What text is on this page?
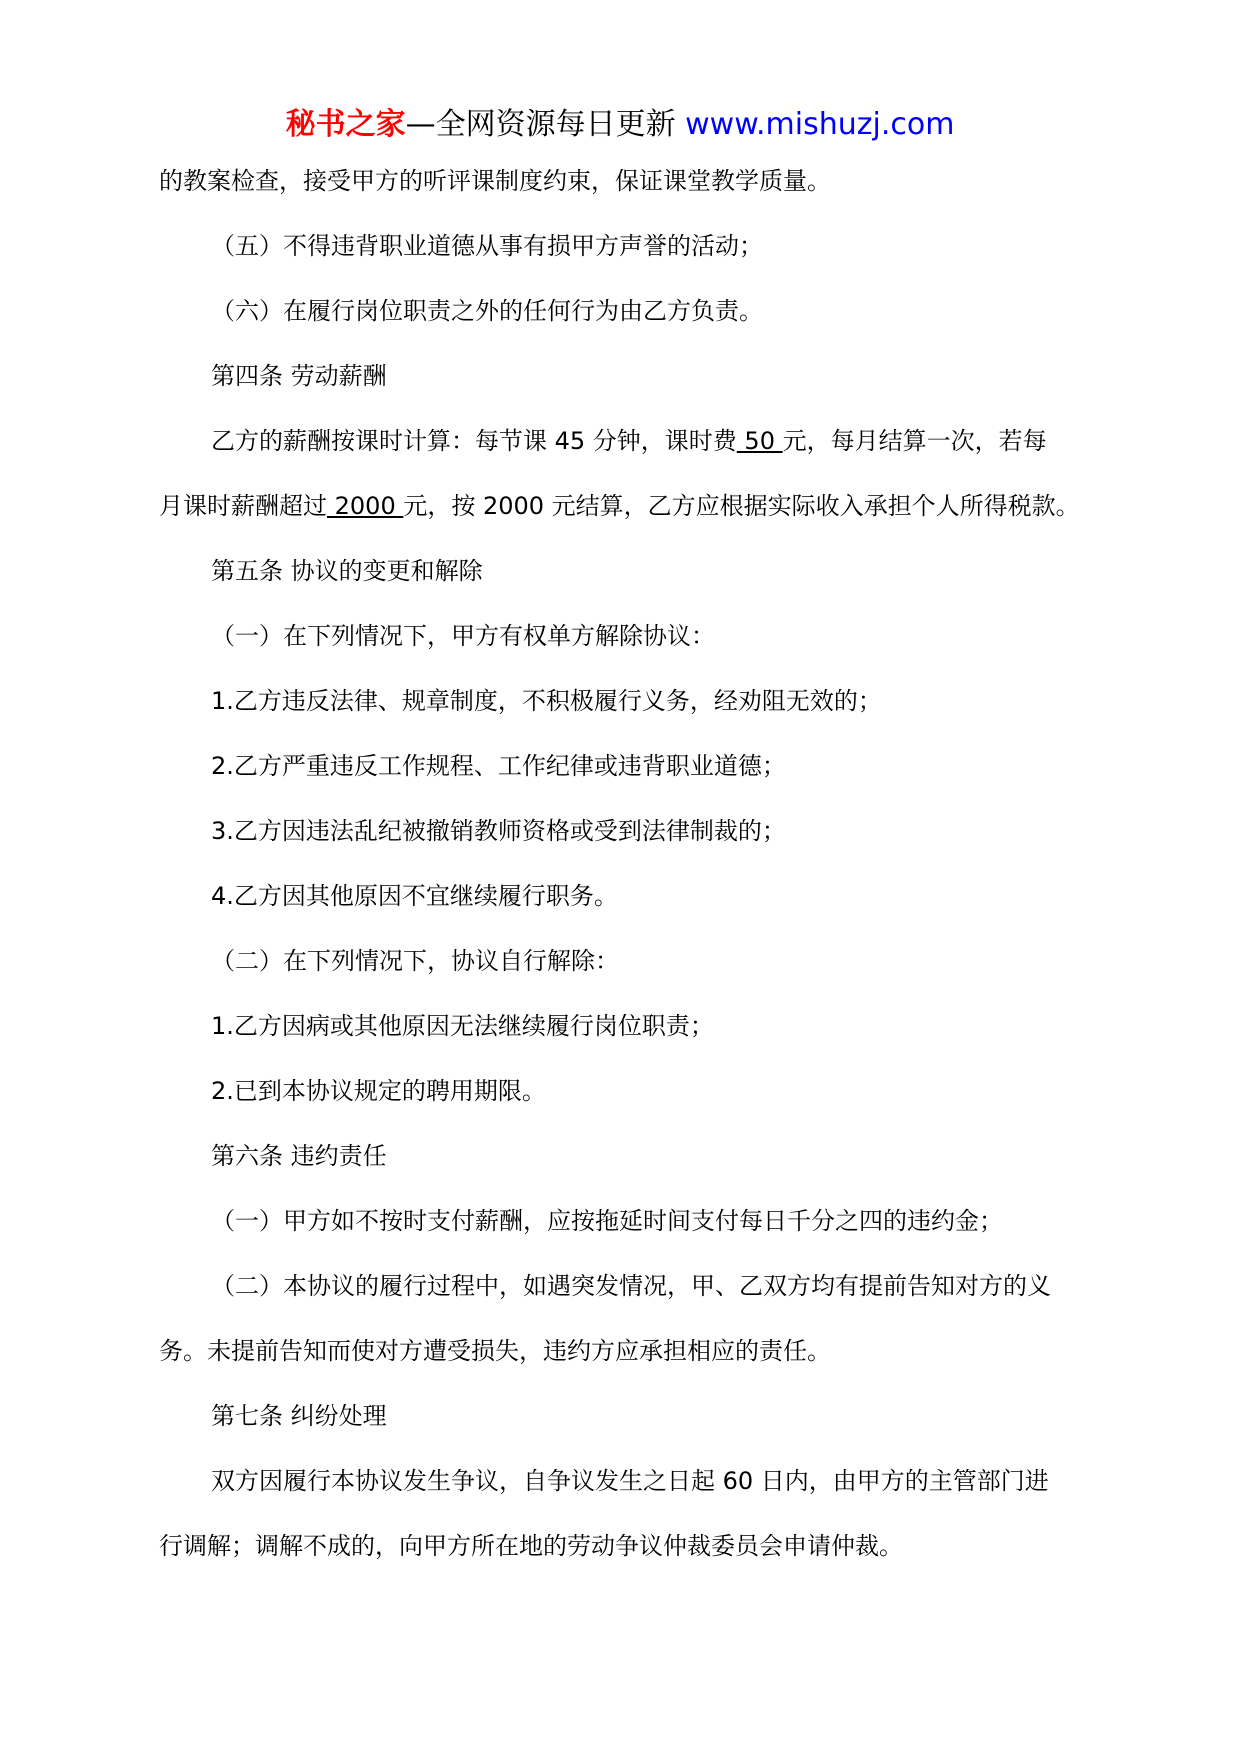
秘书之家—全网资源每日更新 www.mishuzj.com
的教案检查，接受甲方的听评课制度约束，保证课堂教学质量。
（五）不得违背职业道德从事有损甲方声誉的活动；
（六）在履行岗位职责之外的任何行为由乙方负责。
第四条 劳动薪酬
乙方的薪酬按课时计算：每节课 45 分钟，课时费 50 元，每月结算一次，若每
月课时薪酬超过 2000 元，按 2000 元结算，乙方应根据实际收入承担个人所得税款。
第五条 协议的变更和解除
（一）在下列情况下，甲方有权单方解除协议：
1.乙方违反法律、规章制度，不积极履行义务，经劝阻无效的；
2.乙方严重违反工作规程、工作纪律或违背职业道德；
3.乙方因违法乱纪被撤销教师资格或受到法律制裁的；
4.乙方因其他原因不宜继续履行职务。
（二）在下列情况下，协议自行解除：
1.乙方因病或其他原因无法继续履行岗位职责；
2.已到本协议规定的聘用期限。
第六条 违约责任
（一）甲方如不按时支付薪酬，应按拖延时间支付每日千分之四的违约金；
（二）本协议的履行过程中，如遇突发情况，甲、乙双方均有提前告知对方的义
务。未提前告知而使对方遭受损失，违约方应承担相应的责任。
第七条 纠纷处理
双方因履行本协议发生争议，自争议发生之日起 60 日内，由甲方的主管部门进
行调解；调解不成的，向甲方所在地的劳动争议仲裁委员会申请仲裁。
